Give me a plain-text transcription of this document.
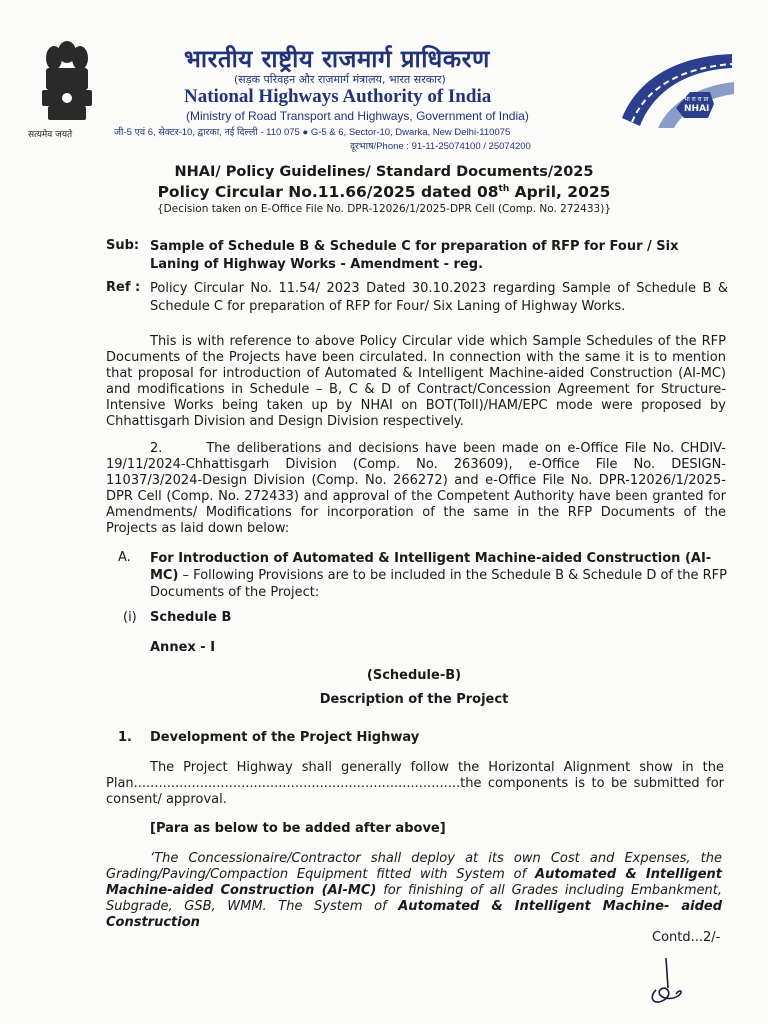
सत्यमेव जयते
भारतीय राष्ट्रीय राजमार्ग प्राधिकरण
(सड़क परिवहन और राजमार्ग मंत्रालय, भारत सरकार)
National Highways Authority of India
(Ministry of Road Transport and Highways, Government of India)
जी-5 एवं 6, सेक्टर-10, द्वारका, नई दिल्ली - 110 075 ● G-5 & 6, Sector-10, Dwarka, New Delhi-110075
दूरभाष/Phone : 91-11-25074100 / 25074200
भा रा रा प्रा
NHAI
NHAI/ Policy Guidelines/ Standard Documents/2025
Policy Circular No.11.66/2025 dated 08th April, 2025
{Decision taken on E-Office File No. DPR-12026/1/2025-DPR Cell (Comp. No. 272433)}
Sub: Sample of Schedule B & Schedule C for preparation of RFP for Four / Six Laning of Highway Works - Amendment - reg.
Ref : Policy Circular No. 11.54/ 2023 Dated 30.10.2023 regarding Sample of Schedule B & Schedule C for preparation of RFP for Four/ Six Laning of Highway Works.
This is with reference to above Policy Circular vide which Sample Schedules of the RFP Documents of the Projects have been circulated. In connection with the same it is to mention that proposal for introduction of Automated & Intelligent Machine-aided Construction (AI-MC) and modifications in Schedule – B, C & D of Contract/Concession Agreement for Structure-Intensive Works being taken up by NHAI on BOT(Toll)/HAM/EPC mode were proposed by Chhattisgarh Division and Design Division respectively.
2.	The deliberations and decisions have been made on e-Office File No. CHDIV-19/11/2024-Chhattisgarh Division (Comp. No. 263609), e-Office File No. DESIGN-11037/3/2024-Design Division (Comp. No. 266272) and e-Office File No. DPR-12026/1/2025-DPR Cell (Comp. No. 272433) and approval of the Competent Authority have been granted for Amendments/ Modifications for incorporation of the same in the RFP Documents of the Projects as laid down below:
A. For Introduction of Automated & Intelligent Machine-aided Construction (AI-MC) – Following Provisions are to be included in the Schedule B & Schedule D of the RFP Documents of the Project:
(i) Schedule B
Annex - I
(Schedule-B)
Description of the Project
1. Development of the Project Highway
The Project Highway shall generally follow the Horizontal Alignment show in the Plan...............................................................................the components is to be submitted for consent/ approval.
[Para as below to be added after above]
‘The Concessionaire/Contractor shall deploy at its own Cost and Expenses, the Grading/Paving/Compaction Equipment fitted with System of Automated & Intelligent Machine-aided Construction (AI-MC) for finishing of all Grades including Embankment, Subgrade, GSB, WMM. The System of Automated & Intelligent Machine- aided Construction
Contd...2/-
